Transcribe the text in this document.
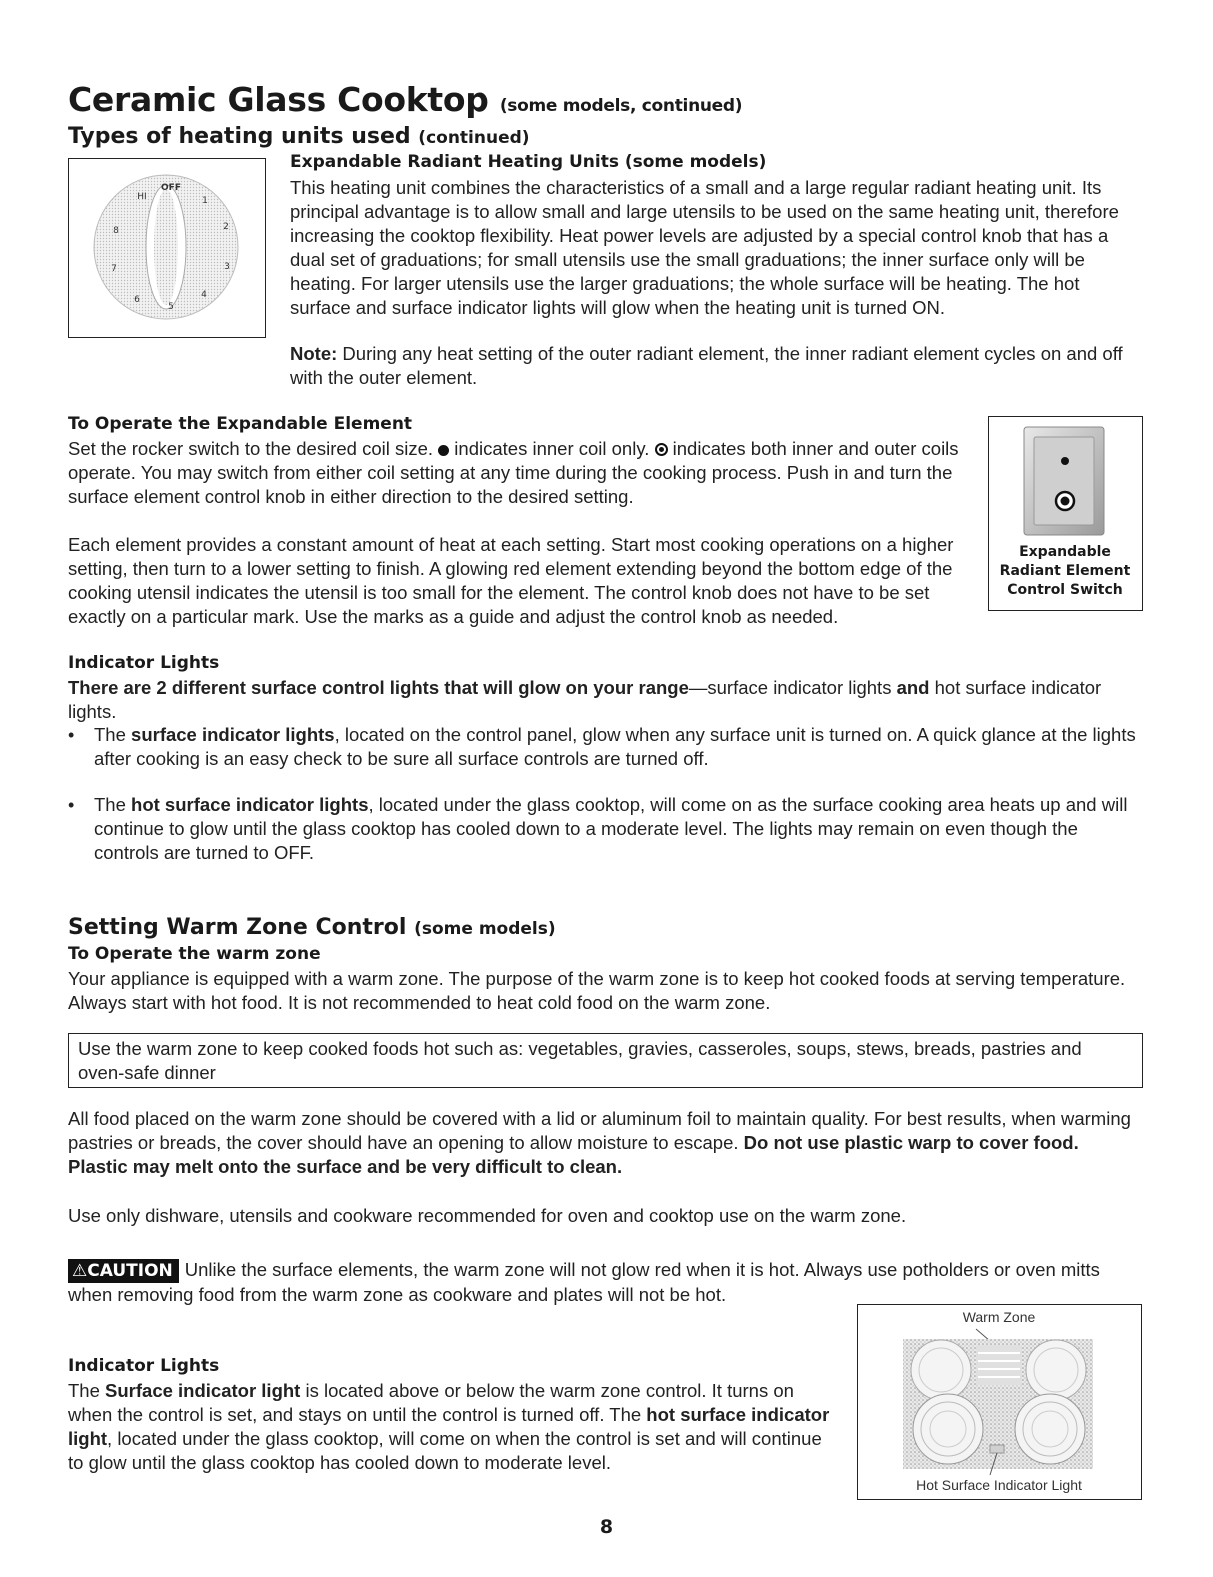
Ceramic Glass Cooktop (some models, continued)
Types of heating units used (continued)
OFF
HI	1
2
3
4
5
6
7
8
Expandable Radiant Heating Units (some models)

This heating unit combines the characteristics of a small and a large regular radiant heating unit. Its principal advantage is to allow small and large utensils to be used on the same heating unit, therefore increasing the cooktop flexibility. Heat power levels are adjusted by a special control knob that has a dual set of graduations; for small utensils use the small graduations; the inner surface only will be heating. For larger utensils use the larger graduations; the whole surface will be heating. The hot surface and surface indicator lights will glow when the heating unit is turned ON.

Note: During any heat setting of the outer radiant element, the inner radiant element cycles on and off with the outer element.

To Operate the Expandable Element

Set the rocker switch to the desired coil size.  indicates inner coil only.
indicates both inner and outer coils operate. You may switch from either coil setting at any time during the cooking process. Push in and turn the surface element control knob in either direction to the desired setting.

Each element provides a constant amount of heat at each setting. Start most cooking operations on a higher setting, then turn to a lower setting to finish. A glowing red element extending beyond the bottom edge of the cooking utensil indicates the utensil is too small for the element. The control knob does not have to be set exactly on a particular mark. Use the marks as a guide and adjust the control knob as needed.

Expandable
Radiant Element
Control Switch
Indicator Lights

There are 2 different surface control lights that will glow on your range—surface indicator lights and hot surface indicator lights.

• The surface indicator lights, located on the control panel, glow when any surface unit is turned on. A quick glance at the lights after cooking is an easy check to be sure all surface controls are turned off.
• The hot surface indicator lights, located under the glass cooktop, will come on as the surface cooking area heats up and will continue to glow until the glass cooktop has cooled down to a moderate level. The lights may remain on even though the controls are turned to OFF.
Setting Warm Zone Control (some models)
To Operate the warm zone

Your appliance is equipped with a warm zone. The purpose of the warm zone is to keep hot cooked foods at serving temperature. Always start with hot food. It is not recommended to heat cold food on the warm zone.

Use the warm zone to keep cooked foods hot such as: vegetables, gravies, casseroles, soups, stews, breads, pastries and oven-safe dinner

All food placed on the warm zone should be covered with a lid or aluminum foil to maintain quality. For best results, when warming pastries or breads, the cover should have an opening to allow moisture to escape. Do not use plastic warp to cover food. Plastic may melt onto the surface and be very difficult to clean.

Use only dishware, utensils and cookware recommended for oven and cooktop use on the warm zone.

⚠CAUTION Unlike the surface elements, the warm zone will not glow red when it is hot. Always use potholders or oven mitts when removing food from the warm zone as cookware and plates will not be hot.

Indicator Lights

The Surface indicator light is located above or below the warm zone control. It turns on when the control is set, and stays on until the control is turned off. The hot surface indicator light, located under the glass cooktop, will come on when the control is set and will continue to glow until the glass cooktop has cooled down to moderate level.

Warm Zone
Hot Surface Indicator Light
8
